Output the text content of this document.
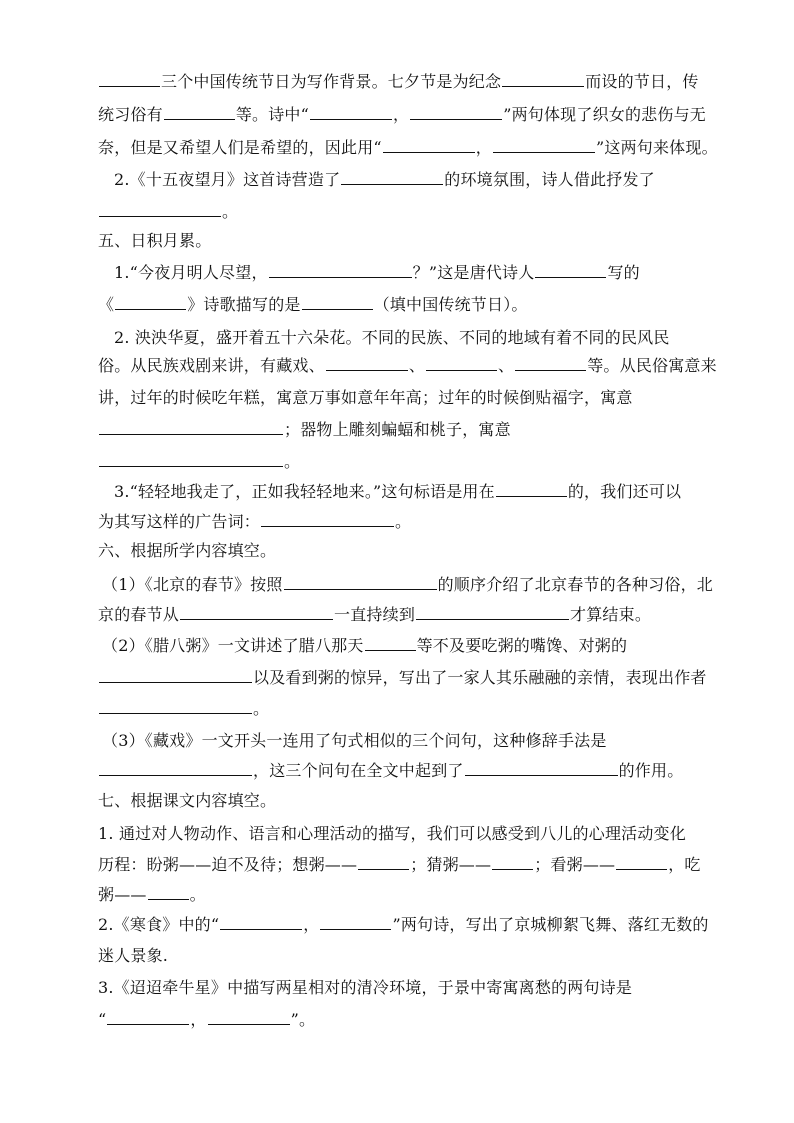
三个中国传统节日为写作背景。七夕节是为纪念	而设的节日，传
统习俗有	等。诗中“	，	”两句体现了织女的悲伤与无
奈，但是又希望人们是希望的，因此用“	，	”这两句来体现。
2.《十五夜望月》这首诗营造了	的环境氛围，诗人借此抒发了
。
五、日积月累。
1.“今夜月明人尽望，	？”这是唐代诗人	写的
《	》诗歌描写的是	（填中国传统节日）。
2. 泱泱华夏，盛开着五十六朵花。不同的民族、不同的地域有着不同的民风民
俗。从民族戏剧来讲，有藏戏、	、	、	等。从民俗寓意来
讲，过年的时候吃年糕，寓意万事如意年年高；过年的时候倒贴福字，寓意
；器物上雕刻蝙蝠和桃子，寓意
。
3.“轻轻地我走了，正如我轻轻地来。”这句标语是用在	的，我们还可以
为其写这样的广告词：	。
六、根据所学内容填空。
（1）《北京的春节》按照	的顺序介绍了北京春节的各种习俗，北
京的春节从	一直持续到	才算结束。
（2）《腊八粥》一文讲述了腊八那天	等不及要吃粥的嘴馋、对粥的
以及看到粥的惊异，写出了一家人其乐融融的亲情，表现出作者
。
（3）《藏戏》一文开头一连用了句式相似的三个问句，这种修辞手法是
，这三个问句在全文中起到了	的作用。
七、根据课文内容填空。
1. 通过对人物动作、语言和心理活动的描写，我们可以感受到八儿的心理活动变化
历程：盼粥——迫不及待；想粥——	；猜粥——	；看粥——	，吃
粥——	。
2.《寒食》中的“	，	”两句诗，写出了京城柳絮飞舞、落红无数的
迷人景象.
3.《迢迢牵牛星》中描写两星相对的清冷环境，于景中寄寓离愁的两句诗是
“	，	”。
